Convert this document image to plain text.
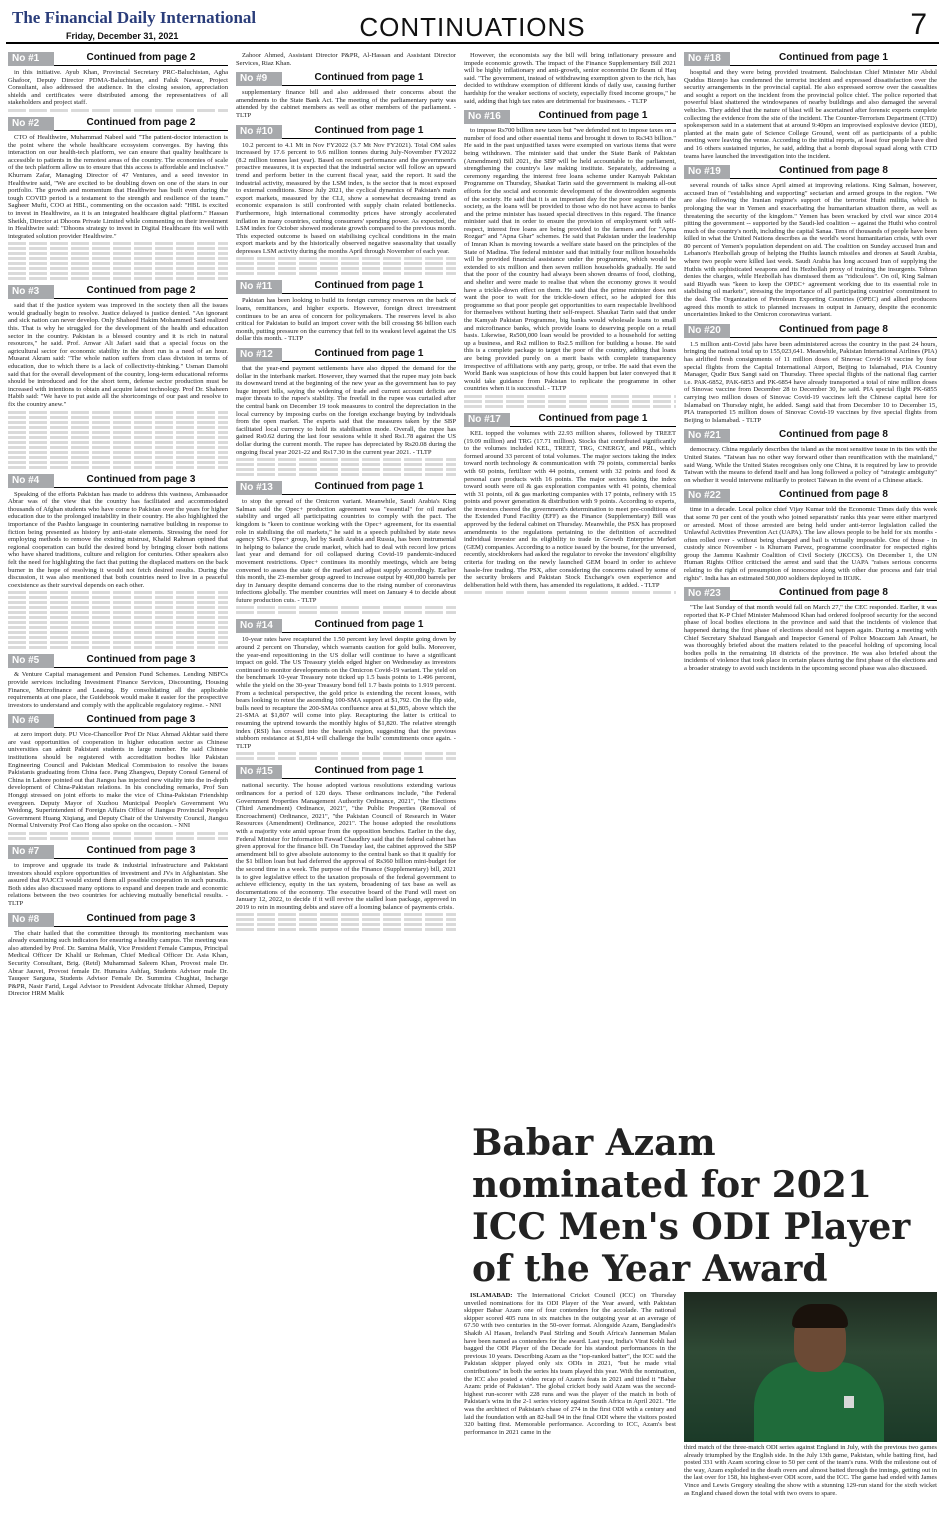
The Financial Daily International
Friday, December 31, 2021	CONTINUATIONS	7
No #1	Continued from page 2

in this initiative. Ayub Khan, Provincial Secretary PRC-Baluchistan, Agha Ghafoor, Deputy Director PDMA-Baluchistan, and Faluk Nawaz, Project Consultant, also addressed the audience. In the closing session, appreciation shields and certificates were distributed among the representatives of all stakeholders and project staff.

No #2	Continued from page 2

CTO of Healthwire, Muhammad Nabeel said "The patient-doctor interaction is the point where the whole healthcare ecosystem converges. By having this interaction on our health-tech platform, we can ensure that quality healthcare is accessible to patients in the remotest areas of the country. The economies of scale of the tech platform allow us to ensure that this access is affordable and inclusive." Khurram Zafar, Managing Director of 47 Ventures, and a seed investor in Healthwire said, "We are excited to be doubling down on one of the stars in our portfolio. The growth and momentum that Healthwire has built even during the tough COVID period is a testament to the strength and resilience of the team." Sagheer Mufti, COO at HBL, commenting on the occasion said: "HBL is excited to invest in Healthwire, as it is an integrated healthcare digital platform." Hassan Sheikh, Director at Dhoons Private Limited while commenting on their investment in Healthwire said: "Dhoons strategy to invest in Digital Healthcare fits well with integrated solution provider Healthwire."

No #3	Continued from page 2

said that if the justice system was improved in the society then all the issues would gradually begin to resolve. Justice delayed is justice denied. "An ignorant and sick nation can never develop. Only Shaheed Hakim Mohammed Said realized this. That is why he struggled for the development of the health and education sector in the country. Pakistan is a blessed country and it is rich in natural resources," he said. Prof. Anwar Ali Jafari said that a special focus on the agricultural sector for economic stability in the short run is a need of an hour. Musarat Akram said: "The whole nation suffers from class division in terms of education, due to which there is a lack of collectivity-thinking." Usman Damohi said that for the overall development of the country, long-term educational reforms should be introduced and for the short term, defense sector production must be increased with intentions to obtain and acquire latest technology. Prof Dr. Shaheen Habib said: "We have to put aside all the shortcomings of our past and resolve to fix the country anew."

No #4	Continued from page 3

Speaking of the efforts Pakistan has made to address this vastness, Ambassador Abrar was of the view that the country has facilitated and accommodated thousands of Afghan students who have come to Pakistan over the years for higher education due to the prolonged instability in their country. He also highlighted the importance of the Pashto language in countering narrative building in response to fiction being presented as history by anti-state elements. Stressing the need for employing methods to remove the existing mistrust, Khalid Rahman opined that regional cooperation can build the desired bond by bringing closer both nations who have shared traditions, culture and religion for centuries. Other speakers also felt the need for highlighting the fact that putting the displaced matters on the back burner in the hope of resolving it would not fetch desired results. During the discussion, it was also mentioned that both countries need to live in a peaceful coexistence as their survival depends on each other.

No #5	Continued from page 3

& Venture Capital management and Pension Fund Schemes. Lending NBFCs provide services including Investment Finance Services, Discounting, Housing Finance, Microfinance and Leasing. By consolidating all the applicable requirements at one place, the Guidebook would make it easier for the prospective investors to understand and comply with the applicable regulatory regime. - NNI

No #6	Continued from page 3

at zero import duty. PU Vice-Chancellor Prof Dr Niaz Ahmad Akhtar said there are vast opportunities of cooperation in higher education sector as Chinese universities can admit Pakistani students in large number. He said Chinese institutions should be registered with accreditation bodies like Pakistan Engineering Council and Pakistan Medical Commission to resolve the issues Pakistanis graduating from China face. Pang Zhangwu, Deputy Consul General of China in Lahore pointed out that Jiangsu has injected new vitality into the in-depth development of China-Pakistan relations. In his concluding remarks, Prof Sun Hongqi stressed on joint efforts to make the vice of China-Pakistan Friendship evergreen. Deputy Mayor of Xuzhou Municipal People's Government Wu Weidong, Superintendent of Foreign Affairs Office of Jiangsu Provincial People's Government Huang Xiqiang, and Deputy Chair of the University Council, Jiangsu Normal University Prof Cao Hong also spoke on the occasion. - NNI

No #7	Continued from page 3

to improve and upgrade its trade & industrial infrastructure and Pakistani investors should explore opportunities of investment and JVs in Afghanistan. She assured that PAJCCI would extend them all possible cooperation in such pursuits. Both sides also discussed many options to expand and deepen trade and economic relations between the two countries for achieving mutually beneficial results. - TLTP

No #8	Continued from page 3

The chair hailed that the committee through its monitoring mechanism was already examining such indicators for ensuring a healthy campus. The meeting was also attended by Prof. Dr. Samina Malik, Vice President Female Campus, Principal Medical Officer Dr Khalil ur Rehman, Chief Medical Officer Dr. Asia Khan, Security Consultant, Brig. (Retd) Muhammad Saleem Khan, Provost male Dr. Abrar Jauvei, Provost female Dr. Humaira Ashfaq, Students Advisor male Dr. Tauqeer Sarguna, Students Advisor Female Dr. Summira Chughtai, Incharge P&PR, Nasir Farid, Legal Advisor to President Advocate Iftikhar Ahmed, Deputy Director HRM Malik

Zahoor Ahmed, Assistant Director P&PR, Al-Hassan and Assistant Director Services, Riaz Khan.

No #9	Continued from page 1

supplementary finance bill and also addressed their concerns about the amendments to the State Bank Act. The meeting of the parliamentary party was attended by the cabinet members as well as other members of the parliament. - TLTP

No #10	Continued from page 1

10.2 percent to 4.1 Mt in Nov FY2022 (3.7 Mt Nov FY2021). Total OM sales increased by 17.6 percent to 9.6 million tonnes during July-November FY2022 (8.2 million tonnes last year). Based on recent performance and the government's proactive measures, it is expected that the industrial sector will follow an upward trend and perform better in the current fiscal year, said the report. It said the industrial activity, measured by the LSM index, is the sector that is most exposed to external conditions. Since July 2021, the cyclical dynamics of Pakistan's main export markets, measured by the CLI, show a somewhat decreasing trend as economic expansion is still confronted with supply chain related bottlenecks. Furthermore, high international commodity prices have strongly accelerated inflation in many countries, curbing consumers' spending power. As expected, the LSM index for October showed moderate growth compared to the previous month. This expected outcome is based on stabilising cyclical conditions in the main export markets and by the historically observed negative seasonality that usually depresses LSM activity during the months April through November of each year.

No #11	Continued from page 1

Pakistan has been looking to build its foreign currency reserves on the back of loans, remittances, and higher exports. However, foreign direct investment continues to be an area of concern for policymakers. The reserves level is also critical for Pakistan to build an import cover with the bill crossing $6 billion each month, putting pressure on the currency that fell to its weakest level against the US dollar this month. - TLTP

No #12	Continued from page 1

that the year-end payment settlements have also dipped the demand for the dollar in the interbank market. However, they warned that the rupee may join back its downward trend at the beginning of the new year as the government has to pay huge import bills, saying the widening of trade and current account deficits are major threats to the rupee's stability. The freefall in the rupee was curtailed after the central bank on December 19 took measures to control the depreciation in the local currency by imposing curbs on the foreign exchange buying by individuals from the open market. The experts said that the measures taken by the SBP facilitated local currency to hold its stabilisation mode. Overall, the rupee has gained Rs0.62 during the last four sessions while it shed Rs1.78 against the US dollar during the current month. The rupee has depreciated by Rs20.08 during the ongoing fiscal year 2021-22 and Rs17.30 in the current year 2021. - TLTP

No #13	Continued from page 1

to stop the spread of the Omicron variant. Meanwhile, Saudi Arabia's King Salman said the Opec+ production agreement was "essential" for oil market stability and urged all participating countries to comply with the pact. The kingdom is "keen to continue working with the Opec+ agreement, for its essential role in stabilising the oil markets," he said in a speech published by state news agency SPA. Opec+ group, led by Saudi Arabia and Russia, has been instrumental in helping to balance the crude market, which had to deal with record low prices last year and demand for oil collapsed during Covid-19 pandemic-induced movement restrictions. Opec+ continues its monthly meetings, which are being convened to assess the state of the market and adjust supply accordingly. Earlier this month, the 23-member group agreed to increase output by 400,000 barrels per day in January despite demand concerns due to the rising number of coronavirus infections globally. The member countries will meet on January 4 to decide about future production cuts. - TLTP

No #14	Continued from page 1

10-year rates have recaptured the 1.50 percent key level despite going down by around 2 percent on Thursday, which warrants caution for gold bulls. Moreover, the year-end repositioning in the US dollar will continue to have a significant impact on gold. The US Treasury yields edged higher on Wednesday as investors continued to monitor developments on the Omicron Covid-19 variant. The yield on the benchmark 10-year Treasury note ticked up 1.5 basis points to 1.496 percent, while the yield on the 30-year Treasury bond fell 1.7 basis points to 1.919 percent. From a technical perspective, the gold price is extending the recent losses, with bears looking to retest the ascending 100-SMA support at $1,792. On the flip side, bulls need to recapture the 200-SMAs confluence area at $1,805, above which the 21-SMA at $1,807 will come into play. Recapturing the latter is critical to resuming the uptrend towards the monthly highs of $1,820. The relative strength index (RSI) has crossed into the bearish region, suggesting that the previous stubborn resistance at $1,814 will challenge the bulls' commitments once again. - TLTP

No #15	Continued from page 1

national security. The house adopted various resolutions extending various ordinances for a period of 120 days. These ordinances include, "the Federal Government Properties Management Authority Ordinance, 2021", "the Elections (Third Amendment) Ordinance, 2021", "the Public Properties (Removal of Encroachment) Ordinance, 2021", "the Pakistan Council of Research in Water Resources (Amendment) Ordinance, 2021". The house adopted the resolutions with a majority vote amid uproar from the opposition benches. Earlier in the day, Federal Minister for Information Fawad Chaudhry said that the federal cabinet has given approval for the finance bill. On Tuesday last, the cabinet approved the SBP amendment bill to give absolute autonomy to the central bank so that it qualify for the $1 billion loan but had deferred the approval of Rs360 billion mini-budget for the second time in a week. The purpose of the Finance (Supplementary) bill, 2021 is to give legislative effect to the taxation proposals of the federal government to achieve efficiency, equity in the tax system, broadening of tax base as well as documentations of the economy. The executive board of the Fund will meet on January 12, 2022, to decide if it will revive the stalled loan package, approved in 2019 to rein in mounting debts and stave off a looming balance of payments crisis.

However, the economists say the bill will bring inflationary pressure and impede economic growth. The impact of the Finance Supplementary Bill 2021 will be highly inflationary and anti-growth, senior economist Dr Ikram ul Haq said. "The government, instead of withdrawing exemption given to the rich, has decided to withdraw exemption of different kinds of daily use, causing further hardship for the weaker sections of society, especially fixed income groups," he said, adding that high tax rates are detrimental for businesses. - TLTP

No #16	Continued from page 1

to impose Rs700 billion new taxes but "we defended not to impose taxes on a number of food and other essential items and brought it down to Rs343 billion." He said in the past unjustified taxes were exempted on various items that were being withdrawn. The minister said that under the State Bank of Pakistan (Amendment) Bill 2021, the SBP will be held accountable to the parliament, strengthening the country's law making institute. Separately, addressing a ceremony regarding the interest free loans scheme under Kamyab Pakistan Programme on Thursday, Shaukat Tarin said the government is making all-out efforts for the social and economic development of the downtrodden segments of the society. He said that it is an important day for the poor segments of the society, as the loans will be provided to those who do not have access to banks and the prime minister has issued special directives in this regard. The finance minister said that in order to ensure the provision of employment with self-respect, interest free loans are being provided to the farmers and for "Apna Rozgar" and "Apna Ghar" schemes. He said that Pakistan under the leadership of Imran Khan is moving towards a welfare state based on the principles of the State of Madina. The federal minister said that initially four million households will be provided financial assistance under the programme, which would be extended to six million and then seven million households gradually. He said that the poor of the country had always been shown dreams of food, clothing, and shelter and were made to realise that when the economy grows it would have a trickle-down effect on them. He said that the prime minister does not want the poor to wait for the trickle-down effect, so he adopted for this programme so that poor people get opportunities to earn respectable livelihood for themselves without hurting their self-respect. Shaukat Tarin said that under the Kamyab Pakistan Programme, big banks would wholesale loans to small and microfinance banks, which provide loans to deserving people on a retail basis. Likewise, Rs500,000 loan would be provided to a household for setting up a business, and Rs2 million to Rs2.5 million for building a house. He said this is a complete package to target the poor of the country, adding that loans are being provided purely on a merit basis with complete transparency irrespective of affiliations with any party, group, or tribe. He said that even the World Bank was suspicious of how this could happen but later conveyed that it would take guidance from Pakistan to replicate the programme in other countries when it is successful. - TLTP

No #17	Continued from page 1

KEL topped the volumes with 22.93 million shares, followed by TREET (19.09 million) and TRG (17.71 million). Stocks that contributed significantly to the volumes included KEL, TREET, TRG, CNERGY, and PRL, which formed around 33 percent of total volumes. The major sectors taking the index toward north technology & communication with 79 points, commercial banks with 60 points, fertilizer with 44 points, cement with 32 points and food & personal care products with 16 points. The major sectors taking the index toward south were oil & gas exploration companies with 41 points, chemical with 31 points, oil & gas marketing companies with 17 points, refinery with 15 points and power generation & distribution with 9 points. According to experts, the investors cheered the government's determination to meet pre-conditions of the Extended Fund Facility (EFF) as the Finance (Supplementary) Bill was approved by the federal cabinet on Thursday. Meanwhile, the PSX has proposed amendments to the regulations pertaining to the definition of accredited individual investor and its eligibility to trade in Growth Enterprise Market (GEM) companies. According to a notice issued by the bourse, for the unversed, recently, stockbrokers had asked the regulator to revoke the investors' eligibility criteria for trading on the newly launched GEM board in order to achieve hassle-free trading. The PSX, after considering the concerns raised by some of the security brokers and Pakistan Stock Exchange's own experience and deliberation held with them, has amended its regulations, it added. - TLTP

No #18	Continued from page 1

hospital and they were being provided treatment. Balochistan Chief Minister Mir Abdul Quddus Bizenjo has condemned the terrorist incident and expressed dissatisfaction over the security arrangements in the provincial capital. He also expressed sorrow over the casualties and sought a report on the incident from the provincial police chief. The police reported that powerful blast shattered the windowpanes of nearby buildings and also damaged the several vehicles. They added that the nature of blast will be ascertained after forensic experts complete collecting the evidence from the site of the incident. The Counter-Terrorism Department (CTD) spokesperson said in a statement that at around 9:40pm an improvised explosive device (IED), planted at the main gate of Science College Ground, went off as participants of a public meeting were leaving the venue. According to the initial reports, at least four people have died and 16 others sustained injuries, he said, adding that a bomb disposal squad along with CTD teams have launched the investigation into the incident.

No #19	Continued from page 8

several rounds of talks since April aimed at improving relations. King Salman, however, accused Iran of "establishing and supporting" sectarian and armed groups in the region. "We are also following the Iranian regime's support of the terrorist Huthi militia, which is prolonging the war in Yemen and exacerbating the humanitarian situation there, as well as threatening the security of the kingdom." Yemen has been wracked by civil war since 2014 pitting the government -- supported by the Saudi-led coalition -- against the Huthi who control much of the country's north, including the capital Sanaa. Tens of thousands of people have been killed in what the United Nations describes as the world's worst humanitarian crisis, with over 80 percent of Yemen's population dependent on aid. The coalition on Sunday accused Iran and Lebanon's Hezbollah group of helping the Huthis launch missiles and drones at Saudi Arabia, where two people were killed last week. Saudi Arabia has long accused Iran of supplying the Huthis with sophisticated weapons and its Hezbollah proxy of training the insurgents. Tehran denies the charges, while Hezbollah has dismissed them as "ridiculous". On oil, King Salman said Riyadh was "keen to keep the OPEC+ agreement working due to its essential role in stabilising oil markets", stressing the importance of all participating countries' commitment to the deal. The Organization of Petroleum Exporting Countries (OPEC) and allied producers agreed this month to stick to planned increases in output in January, despite the economic uncertainties linked to the Omicron coronavirus variant.

No #20	Continued from page 8

1.5 million anti-Covid jabs have been administered across the country in the past 24 hours, bringing the national total up to 155,023,641. Meanwhile, Pakistan International Airlines (PIA) has airlifted fresh consignments of 11 million doses of Sinovac Covid-19 vaccine by four special flights from the Capital International Airport, Beijing to Islamabad, PIA Country Manager, Qudir Bux Sangi said on Thursday. Three special flights of the national flag carrier i.e. PAK-6852, PAK-6853 and PK-6854 have already transported a total of nine million doses of Sinovac vaccine from December 28 to December 30, he said. PIA special flight PK-6855 carrying two million doses of Sinovac Covid-19 vaccines left the Chinese capital here for Islamabad on Thursday night, he added. Sangi said that from December 10 to December 15, PIA transported 15 million doses of Sinovac Covid-19 vaccines by five special flights from Beijing to Islamabad. - TLTP

No #21	Continued from page 8

democracy. China regularly describes the island as the most sensitive issue in its ties with the United States. "Taiwan has no other way forward other than reunification with the mainland," said Wang. While the United States recognises only one China, it is required by law to provide Taiwan with the means to defend itself and has long followed a policy of "strategic ambiguity" on whether it would intervene militarily to protect Taiwan in the event of a Chinese attack.

No #22	Continued from page 8

time in a decade. Local police chief Vijay Kumar told the Economic Times daily this week that some 70 per cent of the youth who joined separatists' ranks this year were either martyred or arrested. Most of those arrested are being held under anti-terror legislation called the Unlawful Activities Prevention Act (UAPA). The law allows people to be held for six months - often rolled over - without being charged and bail is virtually impossible. One of those - in custody since November - is Khurram Parvez, programme coordinator for respected rights group the Jammu Kashmir Coalition of Civil Society (JKCCS). On December 1, the UN Human Rights Office criticised the arrest and said that the UAPA "raises serious concerns relating to the right of presumption of innocence along with other due process and fair trial rights". India has an estimated 500,000 soldiers deployed in IIOJK.

No #23	Continued from page 8

"The last Sunday of that month would fall on March 27," the CEC responded. Earlier, it was reported that K-P Chief Minister Mahmood Khan had ordered foolproof security for the second phase of local bodies elections in the province and said that the incidents of violence that happened during the first phase of elections should not happen again. During a meeting with Chief Secretary Shahzad Bangash and Inspector General of Police Moazzam Jah Ansari, he was thoroughly briefed about the matters related to the peaceful holding of upcoming local bodies polls in the remaining 18 districts of the province. He was also briefed about the incidents of violence that took place in certain places during the first phase of the elections and a broader strategy to avoid such incidents in the upcoming second phase was also discussed.

Babar Azam nominated for 2021 ICC Men's ODI Player of the Year Award

ISLAMABAD: The International Cricket Council (ICC) on Thursday unveiled nominations for its ODI Player of the Year award, with Pakistan skipper Babar Azam one of four contenders for the accolade. The national skipper scored 405 runs in six matches in the outgoing year at an average of 67.50 with two centuries in the 50-over format. Alongside Azam, Bangladesh's Shakib Al Hasan, Ireland's Paul Stirling and South Africa's Janneman Malan have been named as contenders for the award. Last year, India's Virat Kohli had bagged the ODI Player of the Decade for his standout performances in the previous 10 years. Describing Azam as the "top-ranked batter", the ICC said the Pakistan skipper played only six ODIs in 2021, "but he made vital contributions" in both the series his team played this year. With the nomination, the ICC also posted a video recap of Azam's feats in 2021 and titled it "Babar Azam: pride of Pakistan". The global cricket body said Azam was the second-highest run-scorer with 228 runs and was the player of the match in both of Pakistan's wins in the 2-1 series victory against South Africa in April 2021. "He was the architect of Pakistan's chase of 274 in the first ODI with a century and laid the foundation with an 82-ball 94 in the final ODI where the visitors posted 320 batting first. Memorable performance. According to ICC, Azam's best performance in 2021 came in the

third match of the three-match ODI series against England in July, with the previous two games already triumphed by the English side. In the July 13th game, Pakistan, while batting first, had posted 331 with Azam scoring close to 50 per cent of the team's runs. With the milestone out of the way, Azam exploded in the death overs and almost batted through the innings, getting out in the last over for 158, his highest-ever ODI score, said the ICC. The game had ended with James Vince and Lewis Gregory stealing the show with a stunning 129-run stand for the sixth wicket as England chased down the total with two overs to spare.
